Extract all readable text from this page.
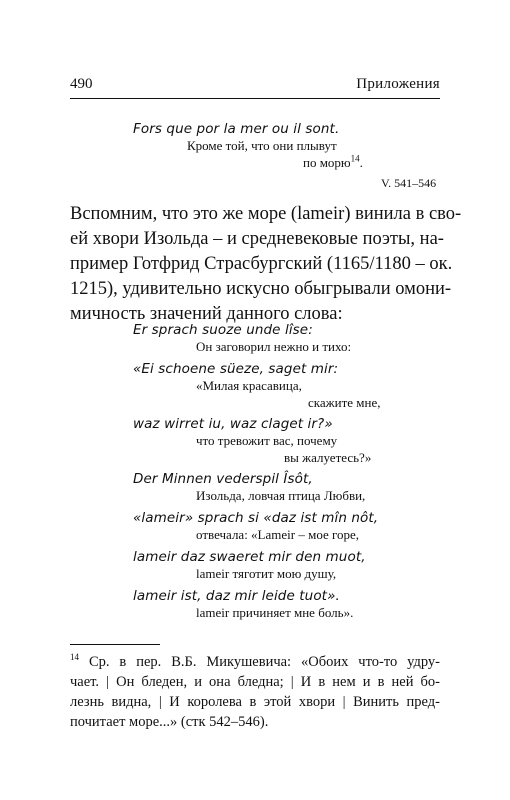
490	Приложения
Fors que por la mer ou il sont.
Кроме той, что они плывут
по морю$^{14}$.
V. 541–546
Вспомним, что это же море (lameir) винила в сво-
ей хвори Изольда – и средневековые поэты, на-
пример Готфрид Страсбургский (1165/1180 – ок.
1215), удивительно искусно обыгрывали омони-
мичность значений данного слова:
Er sprach suoze unde lîse:
Он заговорил нежно и тихо:
«Ei schoene süeze, saget mir:
«Милая красавица,
скажите мне,
waz wirret iu, waz claget ir?»
что тревожит вас, почему
вы жалуетесь?»
Der Minnen vederspil Îsôt,
Изольда, ловчая птица Любви,
«lameir» sprach si «daz ist mîn nôt,
отвечала: «Lameir – мое горе,
lameir daz swaeret mir den muot,
lameir тяготит мою душу,
lameir ist, daz mir leide tuot».
lameir причиняет мне боль».
$^{14}$ Ср. в пер. В.Б. Микушевича: «Обоих что-то удру-
чает. | Он бледен, и она бледна; | И в нем и в ней бо-
лезнь видна, | И королева в этой хвори | Винить пред-
почитает море...» (стк 542–546).
